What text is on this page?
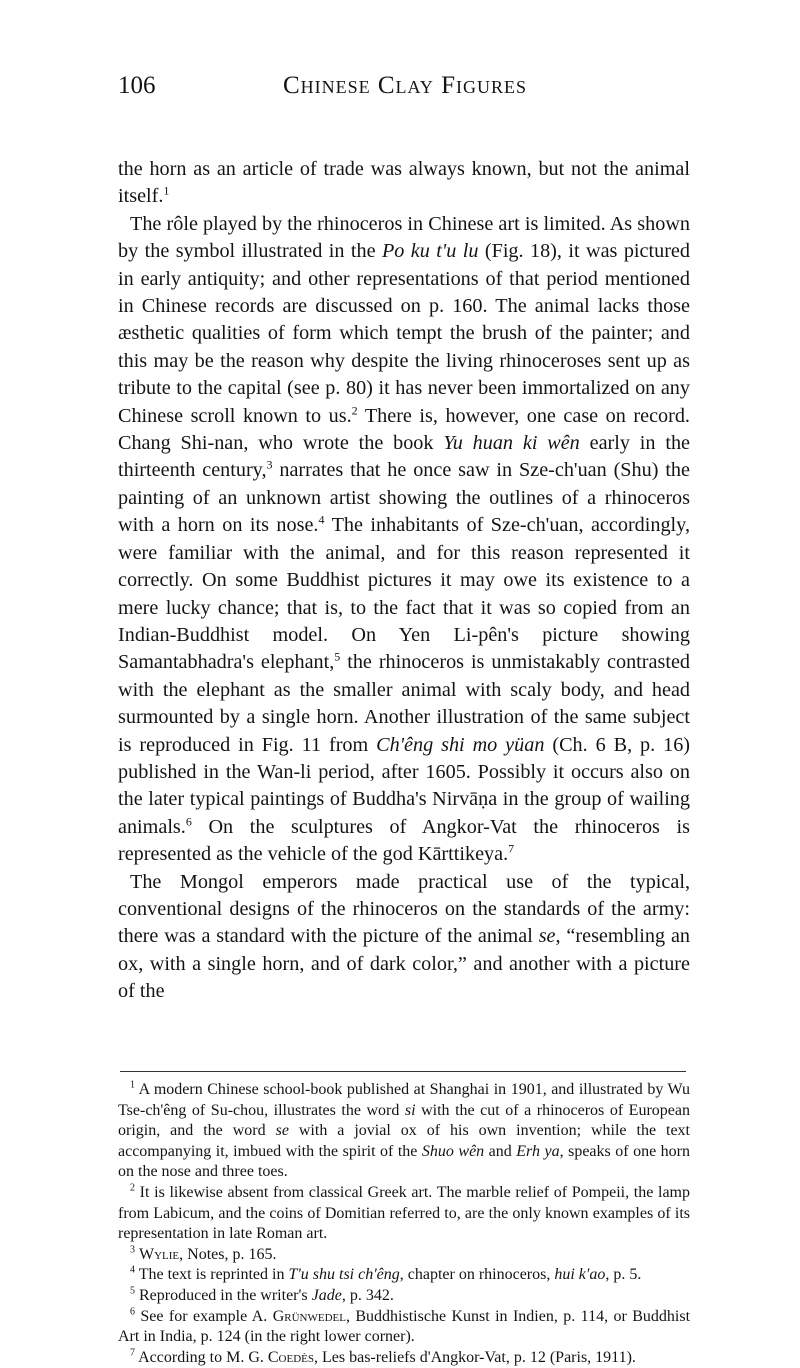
106	Chinese Clay Figures

the horn as an article of trade was always known, but not the animal itself.$^1$

The rôle played by the rhinoceros in Chinese art is limited. As shown by the symbol illustrated in the Po ku t'u lu (Fig. 18), it was pictured in early antiquity; and other representations of that period mentioned in Chinese records are discussed on p. 160. The animal lacks those æsthetic qualities of form which tempt the brush of the painter; and this may be the reason why despite the living rhinoceroses sent up as tribute to the capital (see p. 80) it has never been immortalized on any Chinese scroll known to us.$^2$ There is, however, one case on record. Chang Shi-nan, who wrote the book Yu huan ki wên early in the thirteenth century,$^3$ narrates that he once saw in Sze-ch'uan (Shu) the painting of an unknown artist showing the outlines of a rhinoceros with a horn on its nose.$^4$ The inhabitants of Sze-ch'uan, accordingly, were familiar with the animal, and for this reason represented it correctly. On some Buddhist pictures it may owe its existence to a mere lucky chance; that is, to the fact that it was so copied from an Indian-Buddhist model. On Yen Li-pên's picture showing Samantabhadra's elephant,$^5$ the rhinoceros is unmistakably contrasted with the elephant as the smaller animal with scaly body, and head surmounted by a single horn. Another illustration of the same subject is reproduced in Fig. 11 from Ch'êng shi mo yüan (Ch. 6 B, p. 16) published in the Wan-li period, after 1605. Possibly it occurs also on the later typical paintings of Buddha's Nirvāṇa in the group of wailing animals.$^6$ On the sculptures of Angkor-Vat the rhinoceros is represented as the vehicle of the god Kārttikeya.$^7$

The Mongol emperors made practical use of the typical, conventional designs of the rhinoceros on the standards of the army: there was a standard with the picture of the animal se, “resembling an ox, with a single horn, and of dark color,” and another with a picture of the

$^1$ A modern Chinese school-book published at Shanghai in 1901, and illustrated by Wu Tse-ch'êng of Su-chou, illustrates the word si with the cut of a rhinoceros of European origin, and the word se with a jovial ox of his own invention; while the text accompanying it, imbued with the spirit of the Shuo wên and Erh ya, speaks of one horn on the nose and three toes.

$^2$ It is likewise absent from classical Greek art. The marble relief of Pompeii, the lamp from Labicum, and the coins of Domitian referred to, are the only known examples of its representation in late Roman art.

$^3$ Wylie, Notes, p. 165.

$^4$ The text is reprinted in T'u shu tsi ch'êng, chapter on rhinoceros, hui k'ao, p. 5.

$^5$ Reproduced in the writer's Jade, p. 342.

$^6$ See for example A. Grünwedel, Buddhistische Kunst in Indien, p. 114, or Buddhist Art in India, p. 124 (in the right lower corner).

$^7$ According to M. G. Coedès, Les bas-reliefs d'Angkor-Vat, p. 12 (Paris, 1911).
